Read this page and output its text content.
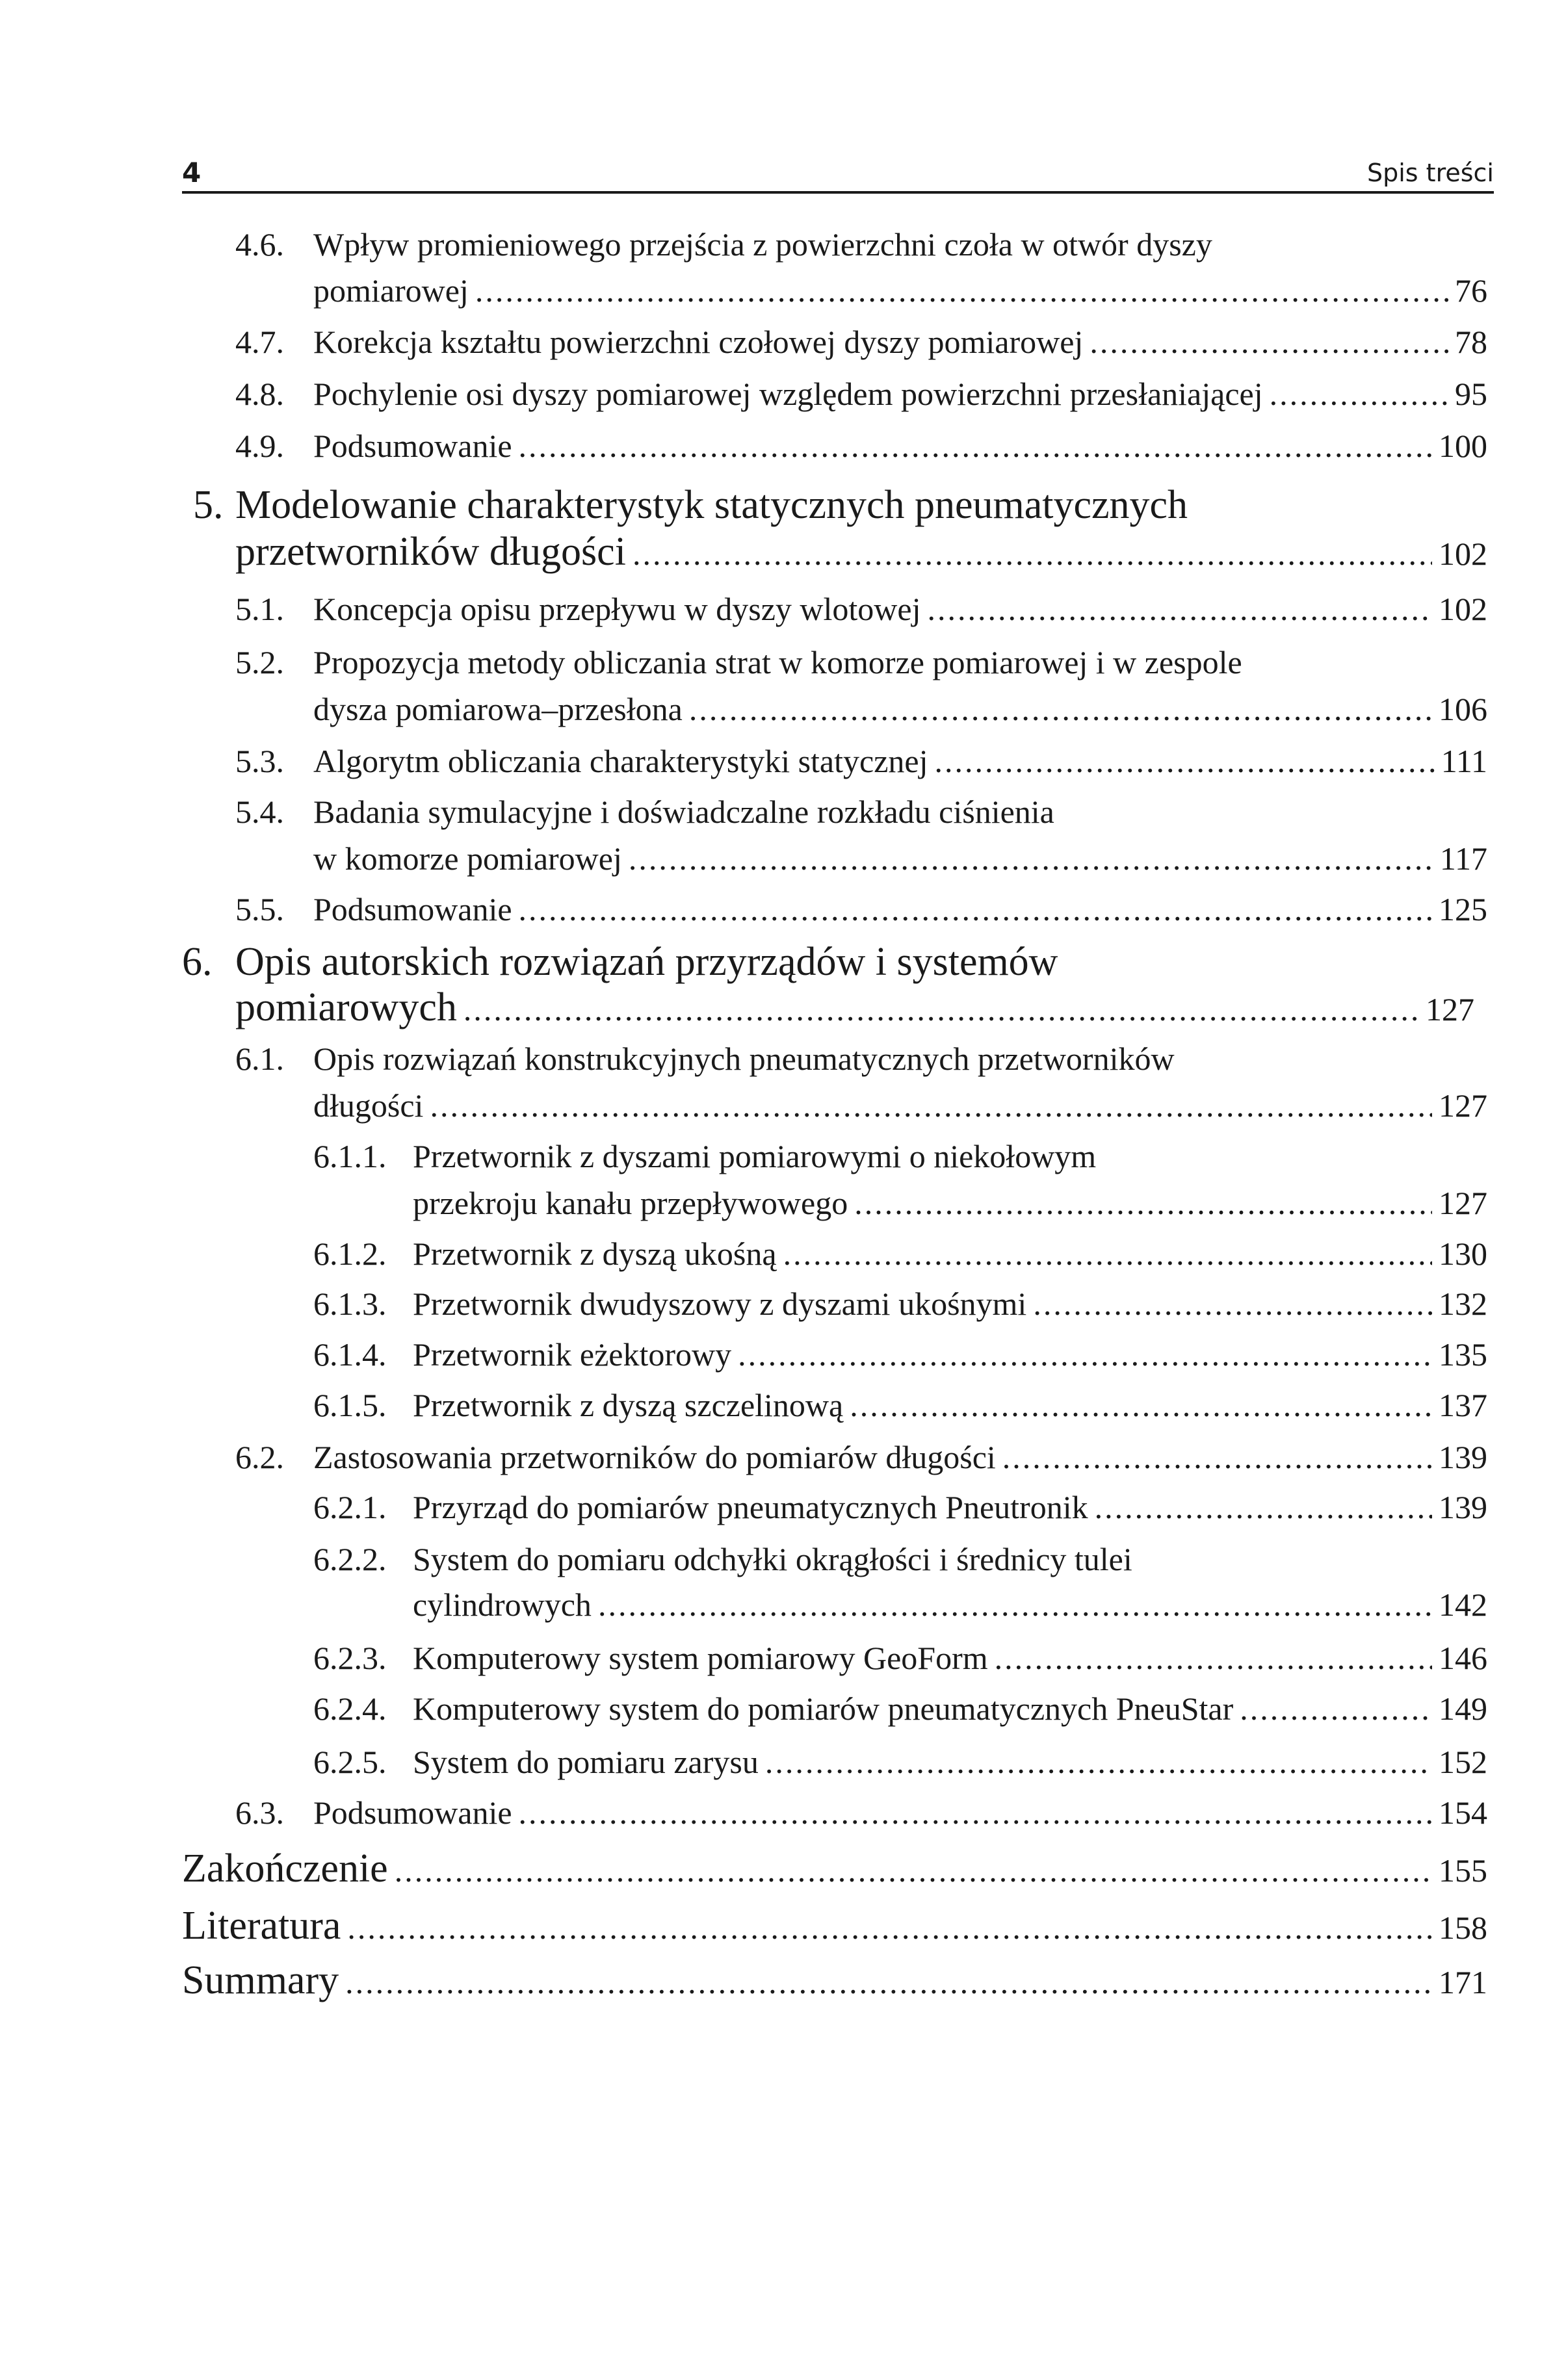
4	Spis treści
4.6. Wpływ promieniowego przejścia z powierzchni czoła w otwór dyszy
pomiarowej .....	76
4.7. Korekcja kształtu powierzchni czołowej dyszy pomiarowej .....	78
4.8. Pochylenie osi dyszy pomiarowej względem powierzchni przesłaniającej .....	95
4.9. Podsumowanie .....	100
5. Modelowanie charakterystyk statycznych pneumatycznych
przetworników długości .....	102
5.1. Koncepcja opisu przepływu w dyszy wlotowej .....	102
5.2. Propozycja metody obliczania strat w komorze pomiarowej i w zespole
dysza pomiarowa–przesłona .....	106
5.3. Algorytm obliczania charakterystyki statycznej .....	111
5.4. Badania symulacyjne i doświadczalne rozkładu ciśnienia
w komorze pomiarowej .....	117
5.5. Podsumowanie .....	125
6. Opis autorskich rozwiązań przyrządów i systemów
pomiarowych .....	127
6.1. Opis rozwiązań konstrukcyjnych pneumatycznych przetworników
długości .....	127
6.1.1. Przetwornik z dyszami pomiarowymi o niekołowym
przekroju kanału przepływowego .....	127
6.1.2. Przetwornik z dyszą ukośną .....	130
6.1.3. Przetwornik dwudyszowy z dyszami ukośnymi .....	132
6.1.4. Przetwornik eżektorowy .....	135
6.1.5. Przetwornik z dyszą szczelinową .....	137
6.2. Zastosowania przetworników do pomiarów długości .....	139
6.2.1. Przyrząd do pomiarów pneumatycznych Pneutronik .....	139
6.2.2. System do pomiaru odchyłki okrągłości i średnicy tulei
cylindrowych .....	142
6.2.3. Komputerowy system pomiarowy GeoForm .....	146
6.2.4. Komputerowy system do pomiarów pneumatycznych PneuStar .....	149
6.2.5. System do pomiaru zarysu .....	152
6.3. Podsumowanie .....	154
Zakończenie .....	155
Literatura .....	158
Summary .....	171
